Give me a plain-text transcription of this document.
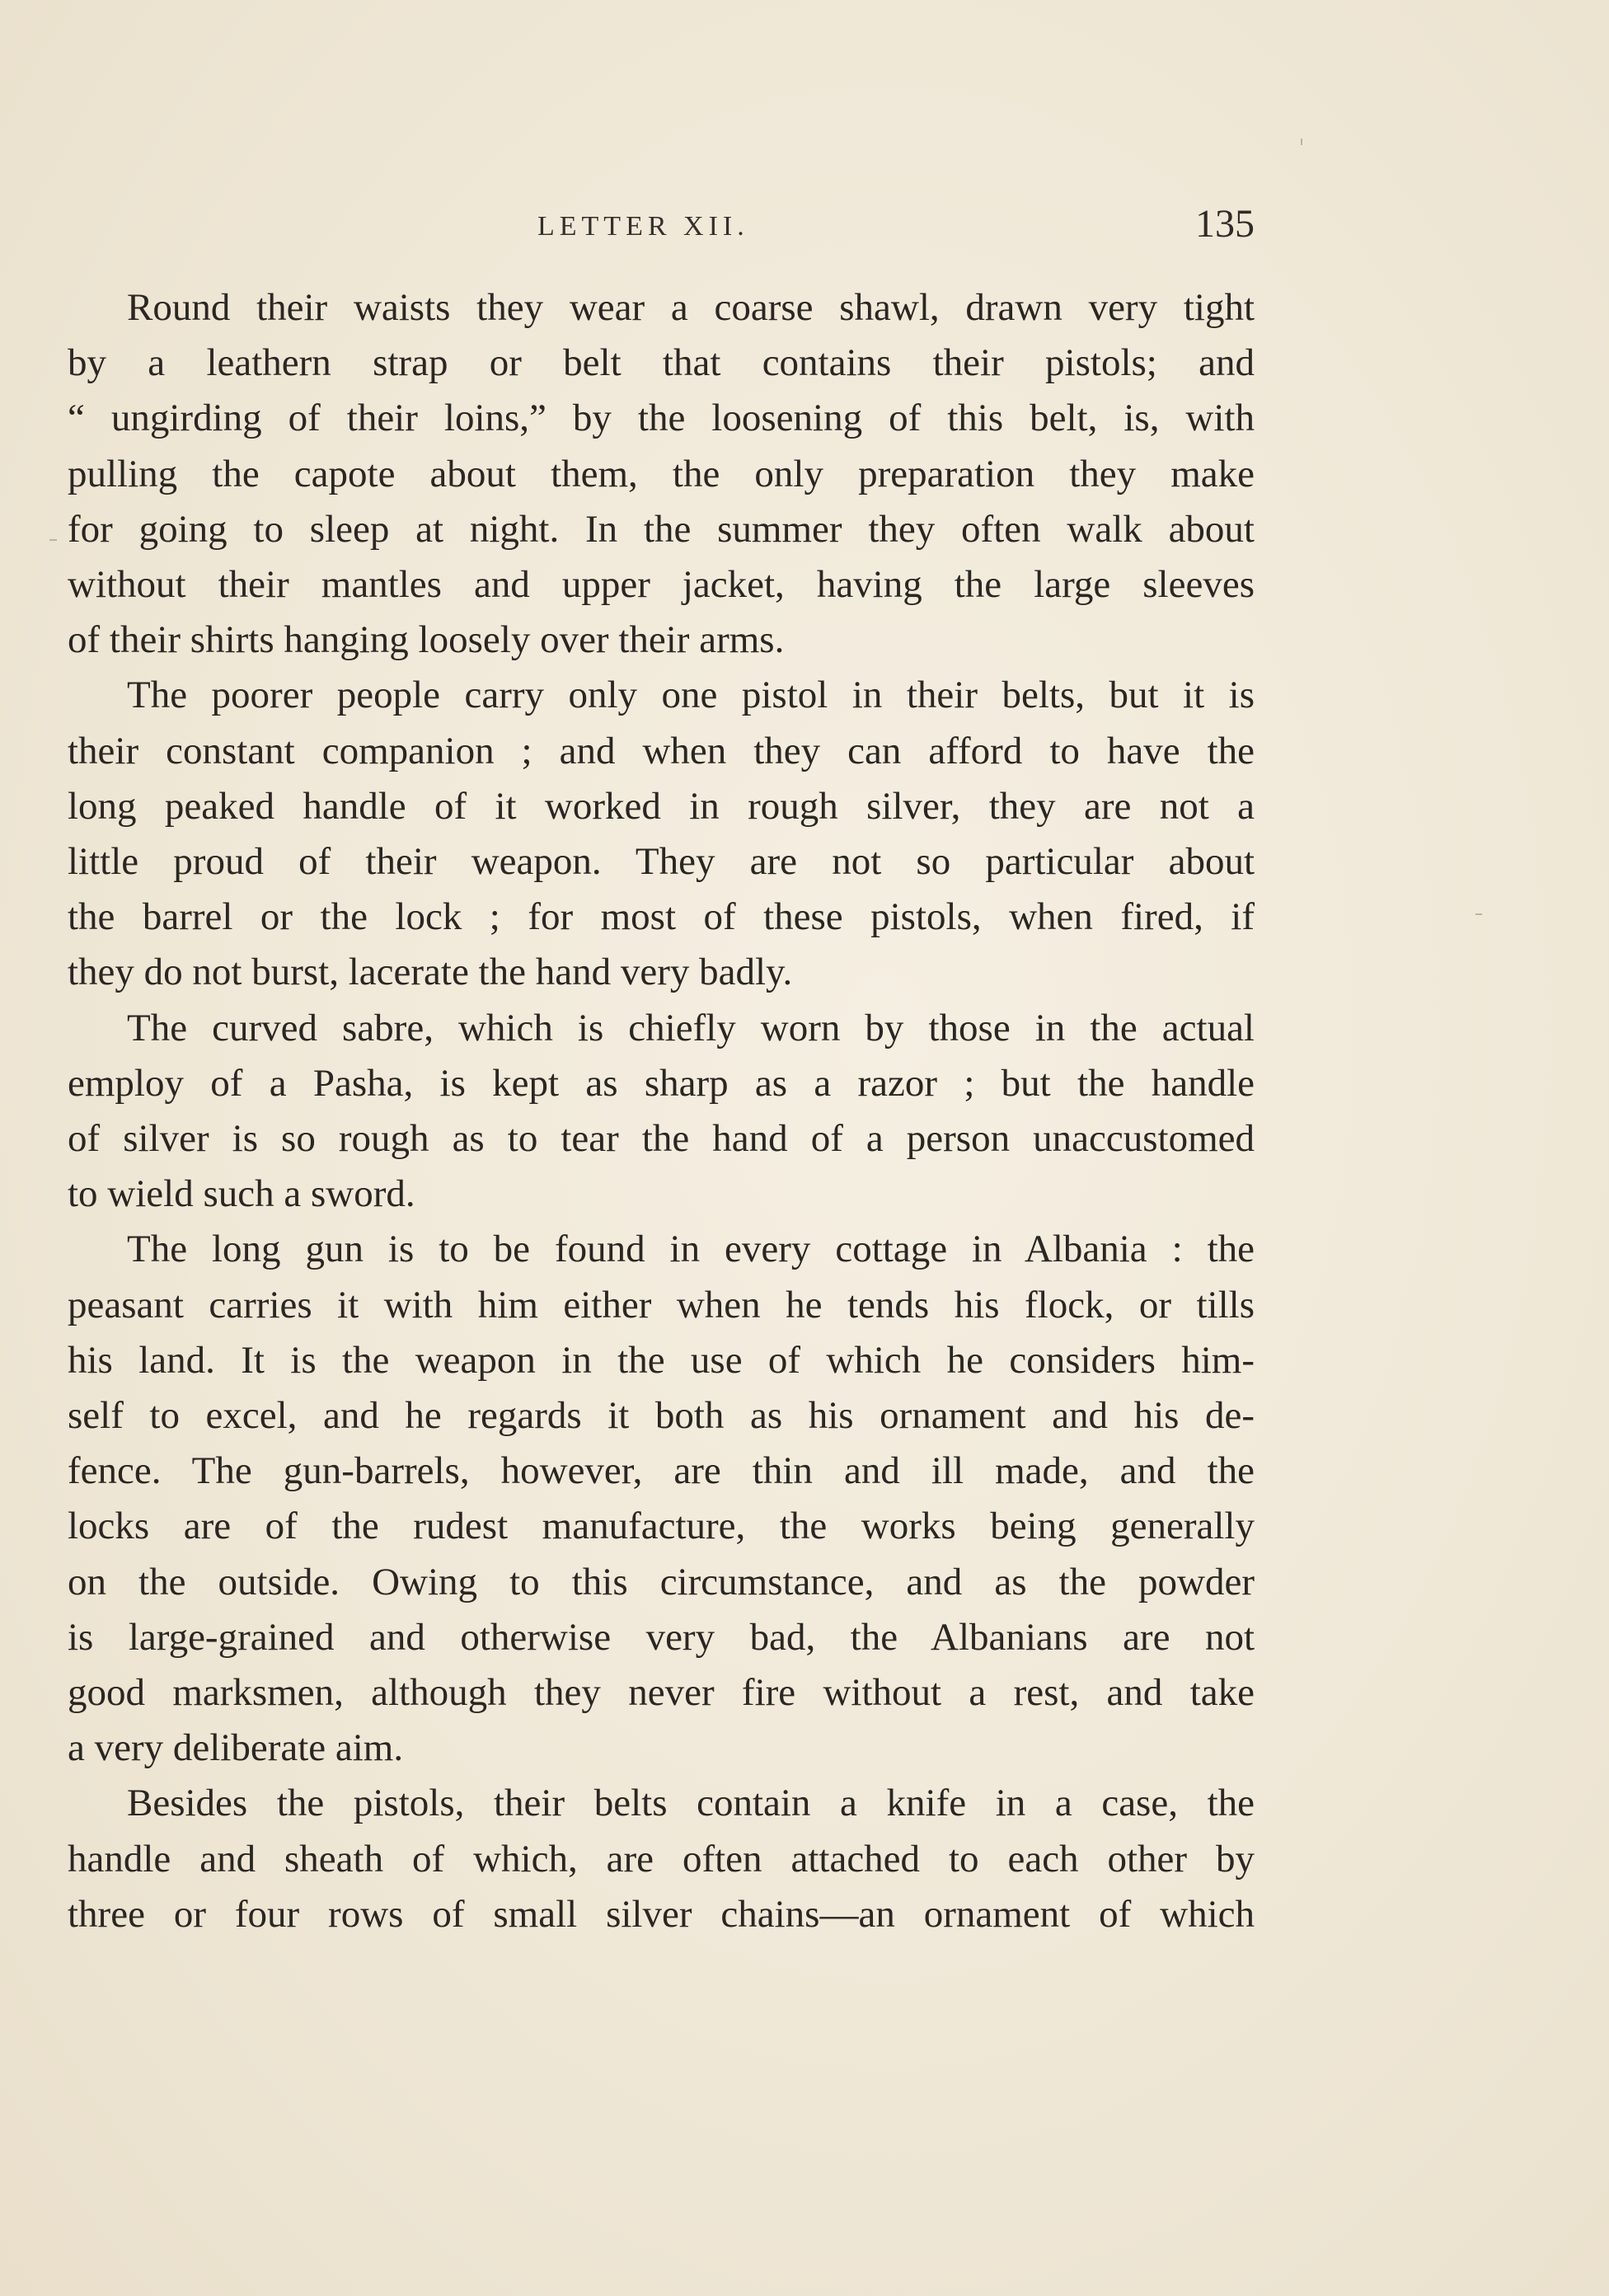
LETTER XII.	135

Round their waists they wear a coarse shawl, drawn very tight
by a leathern strap or belt that contains their pistols; and
“ ungirding of their loins,” by the loosening of this belt, is, with
pulling the capote about them, the only preparation they make
for going to sleep at night. In the summer they often walk about
without their mantles and upper jacket, having the large sleeves
of their shirts hanging loosely over their arms.

The poorer people carry only one pistol in their belts, but it is
their constant companion ; and when they can afford to have the
long peaked handle of it worked in rough silver, they are not a
little proud of their weapon. They are not so particular about
the barrel or the lock ; for most of these pistols, when fired, if
they do not burst, lacerate the hand very badly.

The curved sabre, which is chiefly worn by those in the actual
employ of a Pasha, is kept as sharp as a razor ; but the handle
of silver is so rough as to tear the hand of a person unaccustomed
to wield such a sword.

The long gun is to be found in every cottage in Albania : the
peasant carries it with him either when he tends his flock, or tills
his land. It is the weapon in the use of which he considers him-
self to excel, and he regards it both as his ornament and his de-
fence. The gun-barrels, however, are thin and ill made, and the
locks are of the rudest manufacture, the works being generally
on the outside. Owing to this circumstance, and as the powder
is large-grained and otherwise very bad, the Albanians are not
good marksmen, although they never fire without a rest, and take
a very deliberate aim.

Besides the pistols, their belts contain a knife in a case, the
handle and sheath of which, are often attached to each other by
three or four rows of small silver chains—an ornament of which
